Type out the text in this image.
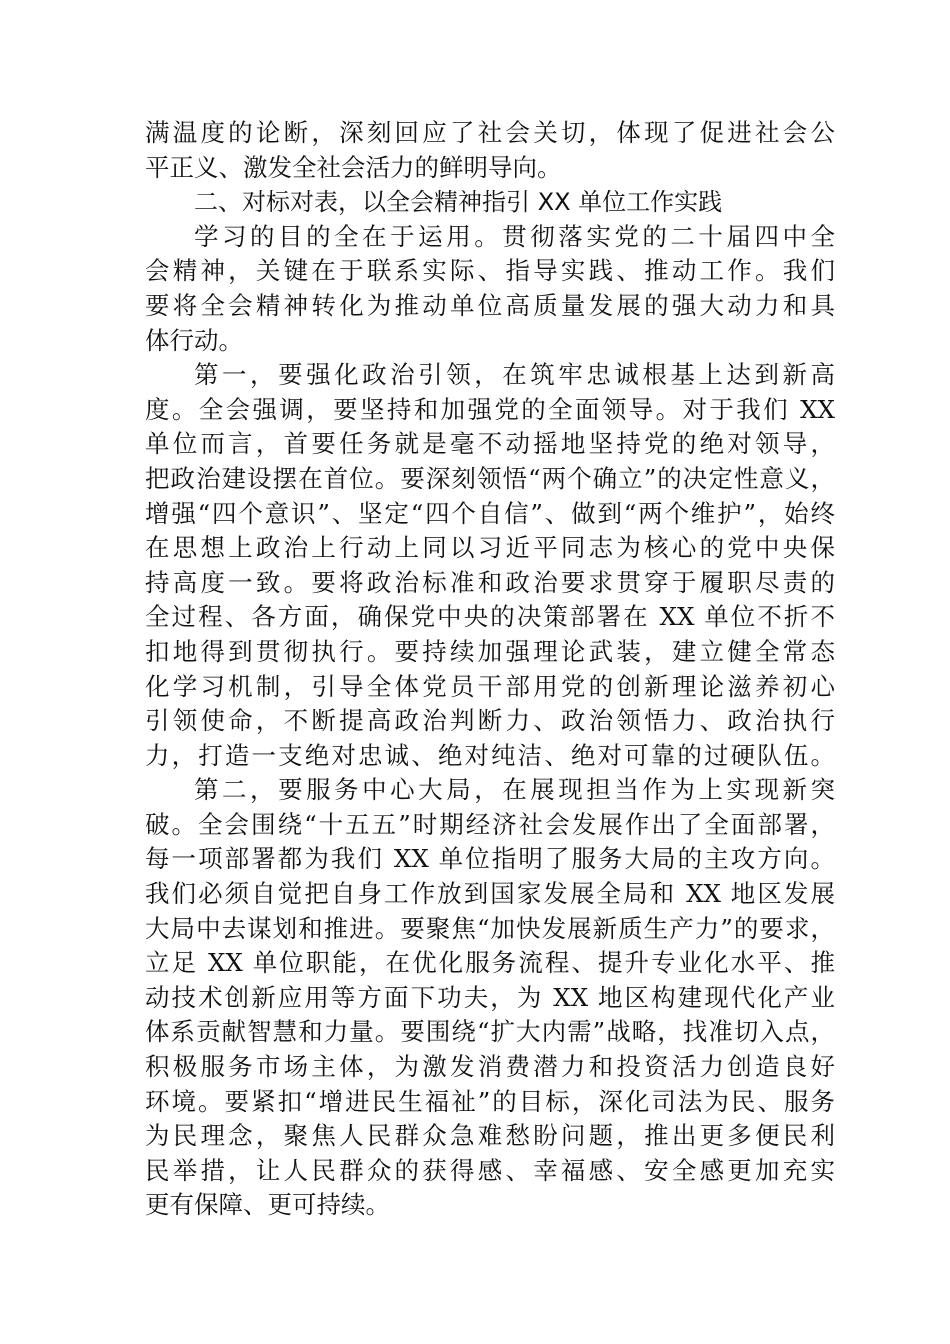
满温度的论断，深刻回应了社会关切，体现了促进社会公
平正义、激发全社会活力的鲜明导向。
二、对标对表，以全会精神指引 XX 单位工作实践
学习的目的全在于运用。贯彻落实党的二十届四中全
会精神，关键在于联系实际、指导实践、推动工作。我们
要将全会精神转化为推动单位高质量发展的强大动力和具
体行动。
第一，要强化政治引领，在筑牢忠诚根基上达到新高
度。全会强调，要坚持和加强党的全面领导。对于我们 XX
单位而言，首要任务就是毫不动摇地坚持党的绝对领导，
把政治建设摆在首位。要深刻领悟“两个确立”的决定性意义，
增强“四个意识”、坚定“四个自信”、做到“两个维护”，始终
在思想上政治上行动上同以习近平同志为核心的党中央保
持高度一致。要将政治标准和政治要求贯穿于履职尽责的
全过程、各方面，确保党中央的决策部署在 XX 单位不折不
扣地得到贯彻执行。要持续加强理论武装，建立健全常态
化学习机制，引导全体党员干部用党的创新理论滋养初心
引领使命，不断提高政治判断力、政治领悟力、政治执行
力，打造一支绝对忠诚、绝对纯洁、绝对可靠的过硬队伍。
第二，要服务中心大局，在展现担当作为上实现新突
破。全会围绕“十五五”时期经济社会发展作出了全面部署，
每一项部署都为我们 XX 单位指明了服务大局的主攻方向。
我们必须自觉把自身工作放到国家发展全局和 XX 地区发展
大局中去谋划和推进。要聚焦“加快发展新质生产力”的要求，
立足 XX 单位职能，在优化服务流程、提升专业化水平、推
动技术创新应用等方面下功夫，为 XX 地区构建现代化产业
体系贡献智慧和力量。要围绕“扩大内需”战略，找准切入点，
积极服务市场主体，为激发消费潜力和投资活力创造良好
环境。要紧扣“增进民生福祉”的目标，深化司法为民、服务
为民理念，聚焦人民群众急难愁盼问题，推出更多便民利
民举措，让人民群众的获得感、幸福感、安全感更加充实
更有保障、更可持续。
